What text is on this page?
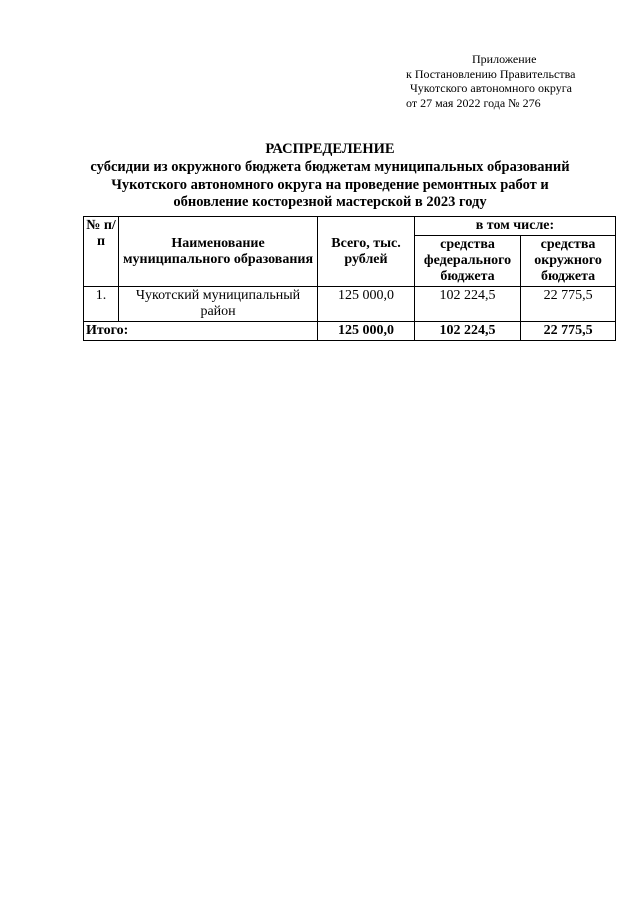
Приложение
к Постановлению Правительства
Чукотского автономного округа
от 27 мая 2022 года № 276
РАСПРЕДЕЛЕНИЕ
субсидии из окружного бюджета бюджетам муниципальных образований
Чукотского автономного округа на проведение ремонтных работ и
обновление косторезной мастерской в 2023 году
№ п/п	Наименование муниципального образования	Всего, тыс. рублей	в том числе:	
			средства федерального бюджета	средства окружного бюджета
1.	Чукотский муниципальный район	125 000,0	102 224,5	22 775,5
Итого:		125 000,0	102 224,5	22 775,5
